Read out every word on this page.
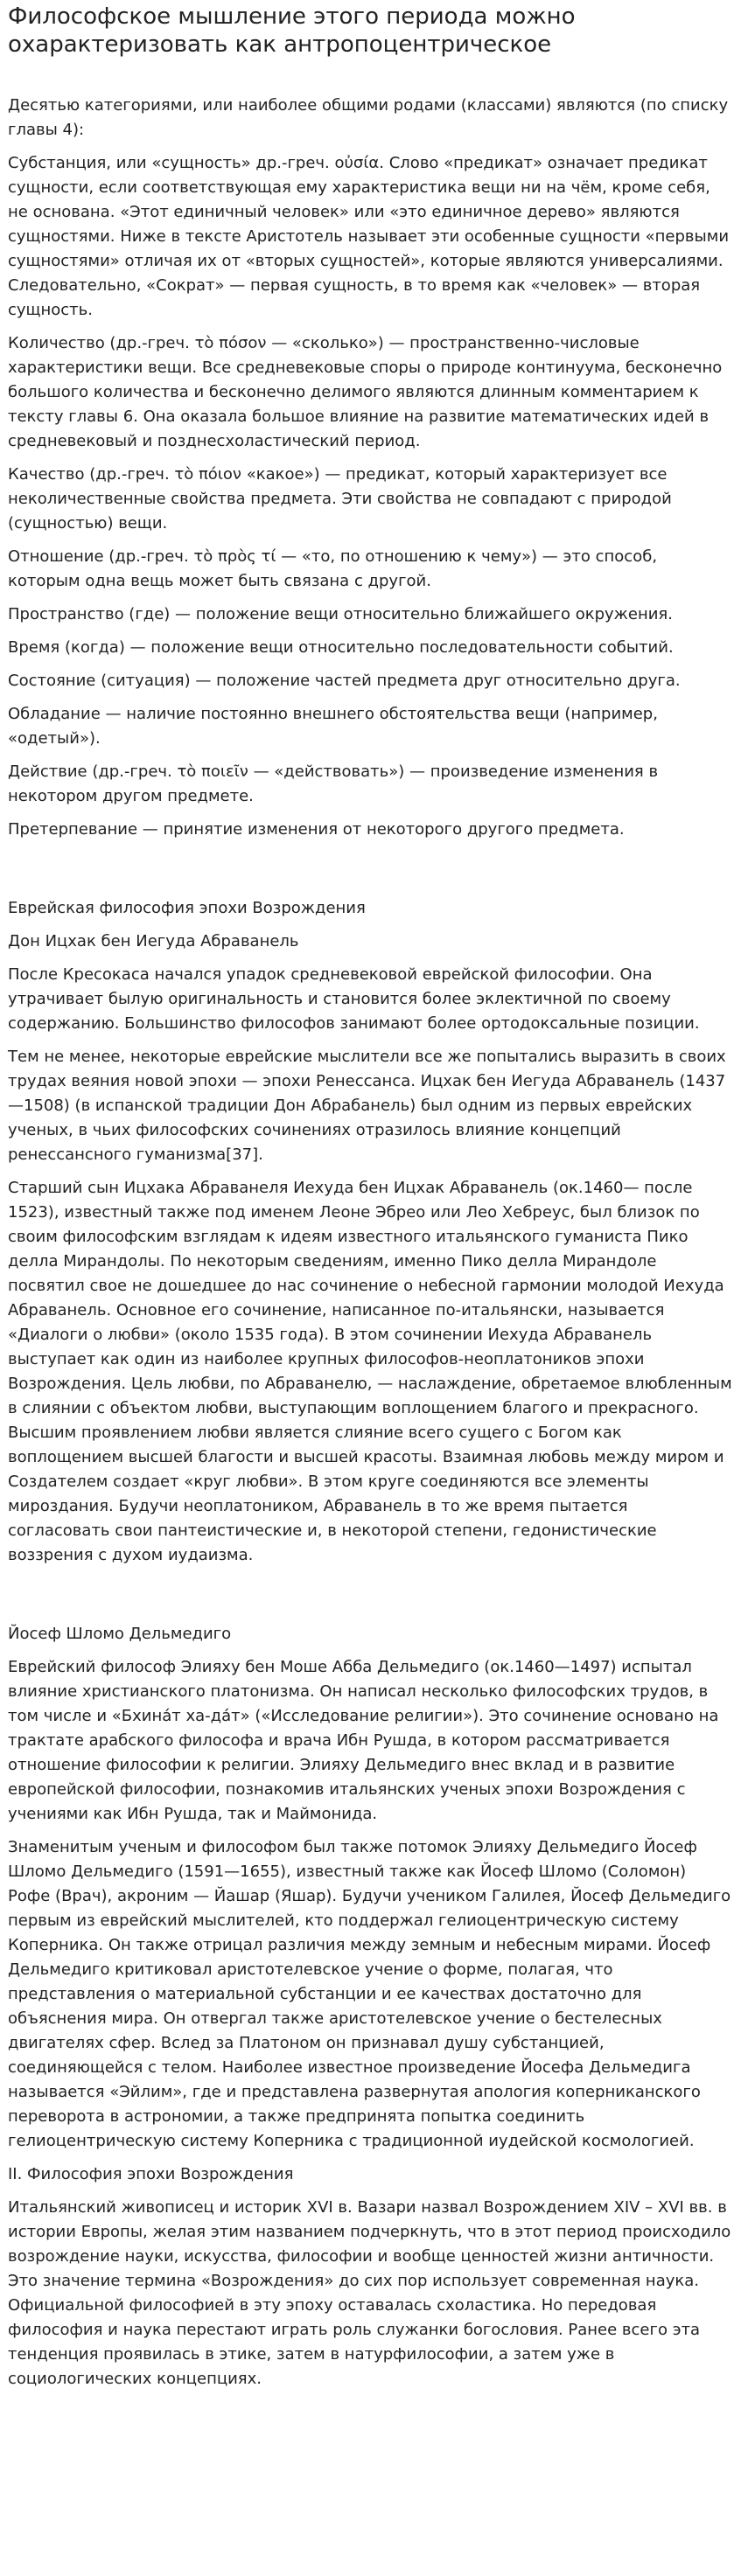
Философское мышление этого периода можно охарактеризовать как антропоцентрическое

Десятью категориями, или наиболее общими родами (классами) являются (по списку главы 4):

Субстанция, или «сущность» др.-греч. οὐσία. Слово «предикат» означает предикат сущности, если соответствующая ему характеристика вещи ни на чём, кроме себя, не основана. «Этот единичный человек» или «это единичное дерево» являются сущностями. Ниже в тексте Аристотель называет эти особенные сущности «первыми сущностями» отличая их от «вторых сущностей», которые являются универсалиями. Следовательно, «Сократ» — первая сущность, в то время как «человек» — вторая сущность.

Количество (др.-греч. τὸ πόσον — «сколько») — пространственно-числовые характеристики вещи. Все средневековые споры о природе континуума, бесконечно большого количества и бесконечно делимого являются длинным комментарием к тексту главы 6. Она оказала большое влияние на развитие математических идей в средневековый и позднесхоластический период.

Качество (др.-греч. τὸ πόιον «какое») — предикат, который характеризует все неколичественные свойства предмета. Эти свойства не совпадают с природой (сущностью) вещи.

Отношение (др.-греч. τὸ πρὸς τί — «то, по отношению к чему») — это способ, которым одна вещь может быть связана с другой.

Пространство (где) — положение вещи относительно ближайшего окружения.

Время (когда) — положение вещи относительно последовательности событий.

Состояние (ситуация) — положение частей предмета друг относительно друга.

Обладание — наличие постоянно внешнего обстоятельства вещи (например, «одетый»).

Действие (др.-греч. τὸ ποιεῖν — «действовать») — произведение изменения в некотором другом предмете.

Претерпевание — принятие изменения от некоторого другого предмета.

Еврейская философия эпохи Возрождения

Дон Ицхак бен Иегуда Абраванель

После Кресокаса начался упадок средневековой еврейской философии. Она утрачивает былую оригинальность и становится более эклектичной по своему содержанию. Большинство философов занимают более ортодоксальные позиции.

Тем не менее, некоторые еврейские мыслители все же попытались выразить в своих трудах веяния новой эпохи — эпохи Ренессанса. Ицхак бен Иегуда Абраванель (1437—1508) (в испанской традиции Дон Абрабанель) был одним из первых еврейских ученых, в чьих философских сочинениях отразилось влияние концепций ренессансного гуманизма[37].

Старший сын Ицхака Абраванеля Иехуда бен Ицхак Абраванель (ок.1460— после 1523), известный также под именем Леоне Эбрео или Лео Хебреус, был близок по своим философским взглядам к идеям известного итальянского гуманиста Пико делла Мирандолы. По некоторым сведениям, именно Пико делла Мирандоле посвятил свое не дошедшее до нас сочинение о небесной гармонии молодой Иехуда Абраванель. Основное его сочинение, написанное по-итальянски, называется «Диалоги о любви» (около 1535 года). В этом сочинении Иехуда Абраванель выступает как один из наиболее крупных философов-неоплатоников эпохи Возрождения. Цель любви, по Абраванелю, — наслаждение, обретаемое влюбленным в слиянии с объектом любви, выступающим воплощением благого и прекрасного. Высшим проявлением любви является слияние всего сущего с Богом как воплощением высшей благости и высшей красоты. Взаимная любовь между миром и Создателем создает «круг любви». В этом круге соединяются все элементы мироздания. Будучи неоплатоником, Абраванель в то же время пытается согласовать свои пантеистические и, в некоторой степени, гедонистические воззрения с духом иудаизма.

Йосеф Шломо Дельмедиго

Еврейский философ Элияху бен Моше Абба Дельмедиго (ок.1460—1497) испытал влияние христианского платонизма. Он написал несколько философских трудов, в том числе и «Бхина́т ха-да́т» («Исследование религии»). Это сочинение основано на трактате арабского философа и врача Ибн Рушда, в котором рассматривается отношение философии к религии. Элияху Дельмедиго внес вклад и в развитие европейской философии, познакомив итальянских ученых эпохи Возрождения с учениями как Ибн Рушда, так и Маймонида.

Знаменитым ученым и философом был также потомок Элияху Дельмедиго Йосеф Шломо Дельмедиго (1591—1655), известный также как Йосеф Шломо (Соломон) Рофе (Врач), акроним — Йашар (Яшар). Будучи учеником Галилея, Йосеф Дельмедиго первым из еврейский мыслителей, кто поддержал гелиоцентрическую систему Коперника. Он также отрицал различия между земным и небесным мирами. Йосеф Дельмедиго критиковал аристотелевское учение о форме, полагая, что представления о материальной субстанции и ее качествах достаточно для объяснения мира. Он отвергал также аристотелевское учение о бестелесных двигателях сфер. Вслед за Платоном он признавал душу субстанцией, соединяющейся с телом. Наиболее известное произведение Йосефа Дельмедига называется «Эйлим», где и представлена развернутая апология коперниканского переворота в астрономии, а также предпринята попытка соединить гелиоцентрическую систему Коперника с традиционной иудейской космологией.

II. Философия эпохи Возрождения

Итальянский живописец и историк XVI в. Вазари назвал Возрождением XIV – XVI вв. в истории Европы, желая этим названием подчеркнуть, что в этот период происходило возрождение науки, искусства, философии и вообще ценностей жизни античности. Это значение термина «Возрождения» до сих пор использует современная наука. Официальной философией в эту эпоху оставалась схоластика. Но передовая философия и наука перестают играть роль служанки богословия. Ранее всего эта тенденция проявилась в этике, затем в натурфилософии, а затем уже в социологических концепциях.
